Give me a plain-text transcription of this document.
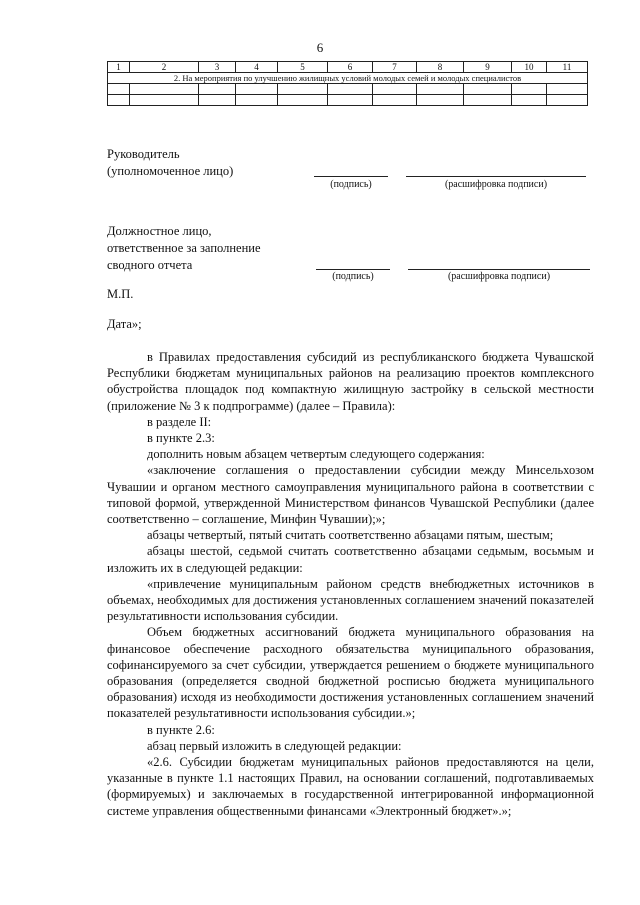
6
1	2	3	4	5	6	7	8	9	10	11
2. На мероприятия по улучшению жилищных условий молодых семей и молодых специалистов										

Руководитель
(уполномоченное лицо)
(подпись)	(расшифровка подписи)
Должностное лицо,
ответственное за заполнение
сводного отчета
(подпись)	(расшифровка подписи)
М.П.
Дата»;

в Правилах предоставления субсидий из республиканского бюджета Чувашской Республики бюджетам муниципальных районов на реализацию проектов комплексного обустройства площадок под компактную жилищную застройку в сельской местности (приложение № 3 к подпрограмме) (далее – Правила):

в разделе II:

в пункте 2.3:

дополнить новым абзацем четвертым следующего содержания:

«заключение соглашения о предоставлении субсидии между Минсельхозом Чувашии и органом местного самоуправления муниципального района в соответствии с типовой формой, утвержденной Министерством финансов Чувашской Республики (далее соответственно – соглашение, Минфин Чувашии);»;

абзацы четвертый, пятый считать соответственно абзацами пятым, шестым;

абзацы шестой, седьмой считать соответственно абзацами седьмым, восьмым и изложить их в следующей редакции:

«привлечение муниципальным районом средств внебюджетных источников в объемах, необходимых для достижения установленных соглашением значений показателей результативности использования субсидии.

Объем бюджетных ассигнований бюджета муниципального образования на финансовое обеспечение расходного обязательства муниципального образования, софинансируемого за счет субсидии, утверждается решением о бюджете муниципального образования (определяется сводной бюджетной росписью бюджета муниципального образования) исходя из необходимости достижения установленных соглашением значений показателей результативности использования субсидии.»;

в пункте 2.6:

абзац первый изложить в следующей редакции:

«2.6. Субсидии бюджетам муниципальных районов предоставляются на цели, указанные в пункте 1.1 настоящих Правил, на основании соглашений, подготавливаемых (формируемых) и заключаемых в государственной интегрированной информационной системе управления общественными финансами «Электронный бюджет».»;
